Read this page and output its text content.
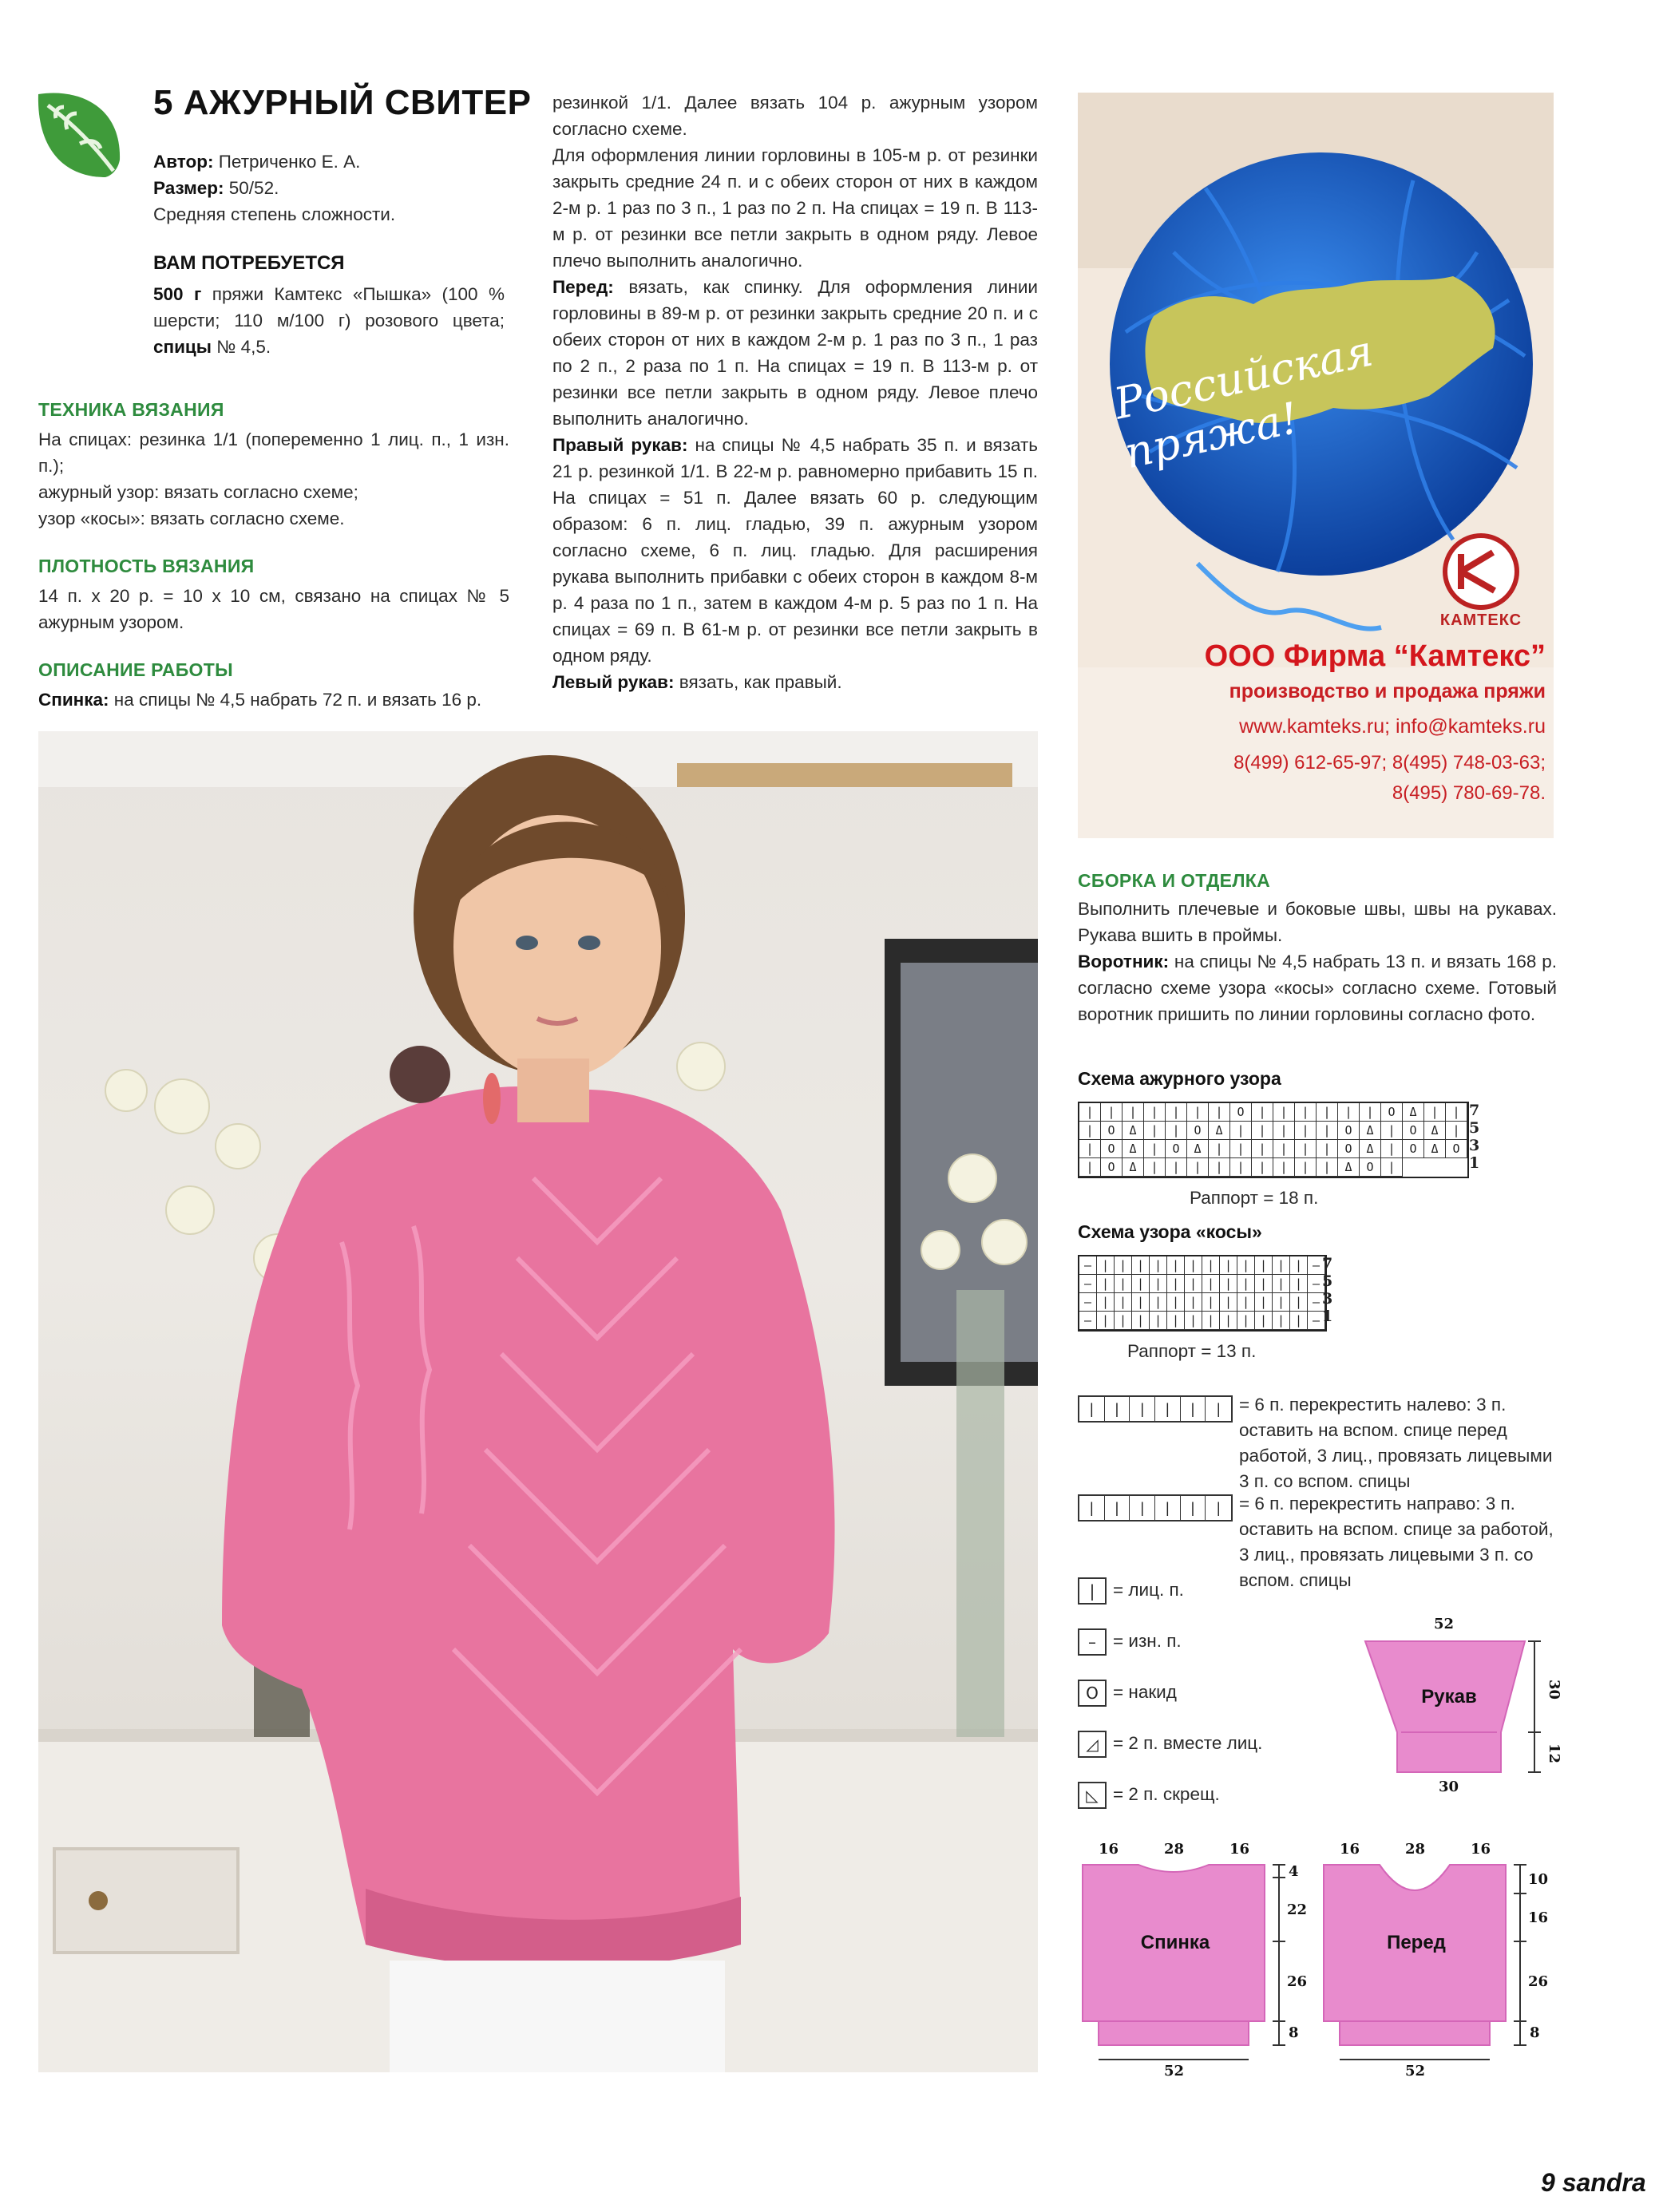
5 АЖУРНЫЙ СВИТЕР

Автор: Петриченко Е. А.

Размер: 50/52.

Средняя степень сложности.

ВАМ ПОТРЕБУЕТСЯ

500 г пряжи Камтекс «Пышка» (100 % шерсти; 110 м/100 г) розового цвета; спицы № 4,5.

ТЕХНИКА ВЯЗАНИЯ

На спицах: резинка 1/1 (попеременно 1 лиц. п., 1 изн. п.);

ажурный узор: вязать согласно схеме;

узор «косы»: вязать согласно схеме.

ПЛОТНОСТЬ ВЯЗАНИЯ
14 п. х 20 р. = 10 х 10 см, связано на спицах № 5 ажурным узором.
ОПИСАНИЕ РАБОТЫ

Спинка: на спицы № 4,5 набрать 72 п. и вязать 16 р.

резинкой 1/1. Далее вязать 104 р. ажурным узором согласно схеме.

Для оформления линии горловины в 105-м р. от резинки закрыть средние 24 п. и с обеих сторон от них в каждом 2-м р. 1 раз по 3 п., 1 раз по 2 п. На спицах = 19 п. В 113-м р. от резинки все петли закрыть в одном ряду. Левое плечо выполнить аналогично.

Перед: вязать, как спинку. Для оформления линии горловины в 89-м р. от резинки закрыть средние 20 п. и с обеих сторон от них в каждом 2-м р. 1 раз по 3 п., 1 раз по 2 п., 2 раза по 1 п. На спицах = 19 п. В 113-м р. от резинки все петли закрыть в одном ряду. Левое плечо выполнить аналогично.

Правый рукав: на спицы № 4,5 набрать 35 п. и вязать 21 р. резинкой 1/1. В 22-м р. равномерно прибавить 15 п. На спицах = 51 п. Далее вязать 60 р. следующим образом: 6 п. лиц. гладью, 39 п. ажурным узором согласно схеме, 6 п. лиц. гладью. Для расширения рукава выполнить прибавки с обеих сторон в каждом 8-м р. 4 раза по 1 п., затем в каждом 4-м р. 5 раз по 1 п. На спицах = 69 п. В 61-м р. от резинки все петли закрыть в одном ряду.

Левый рукав: вязать, как правый.

Российская пряжа!
КАМТЕКС
ООО Фирма “Камтекс”
производство и продажа пряжи
www.kamteks.ru; info@kamteks.ru
8(499) 612-65-97; 8(495) 748-03-63;
8(495) 780-69-78.
СБОРКА И ОТДЕЛКА

Выполнить плечевые и боковые швы, швы на рукавах. Рукава вшить в проймы.

Воротник: на спицы № 4,5 набрать 13 п. и вязать 168 р. согласно схеме узора «косы» согласно схеме. Готовый воротник пришить по линии горловины согласно фото.

Схема ажурного узора
|	|	|	|	|	|	|	O	|	|	|	|	|	|	O	Δ	|	|
|	O	Δ	|	|	O	Δ	|	|	|	|	|	O	Δ	|	O	Δ	|
|	O	Δ	|	O	Δ	|	|	|	|	|	|	O	Δ	|	O	Δ	O
|	O	Δ	|	|	|	|	|	|	|	|	|	Δ	O	|
7
5
3
1
Раппорт = 18 п.
Схема узора «косы»
– | | | | | | | | | | | | –
– | | | | | | | | | | | | –
– | | | | | | | | | | | | –
– | | | | | | | | | | | | –
7
5
3
1
Раппорт = 13 п.
|	|	|	|	|	|	= 6 п. перекрестить налево: 3 п. оставить на вспом. спице перед работой, 3 лиц., провязать лицевыми 3 п. со вспом. спицы
|	|	|	|	|	|	= 6 п. перекрестить направо: 3 п. оставить на вспом. спице за работой, 3 лиц., провязать лицевыми 3 п. со вспом. спицы
|	= лиц. п.
– = изн. п.
O = накид
◿ = 2 п. вместе лиц.
◺ = 2 п. скрещ.
52
Рукав	30
12
30
16	28	16
Спинка
4
22
26
8
52
16	28	16
Перед
10
16
26
8
52
9 sandra
